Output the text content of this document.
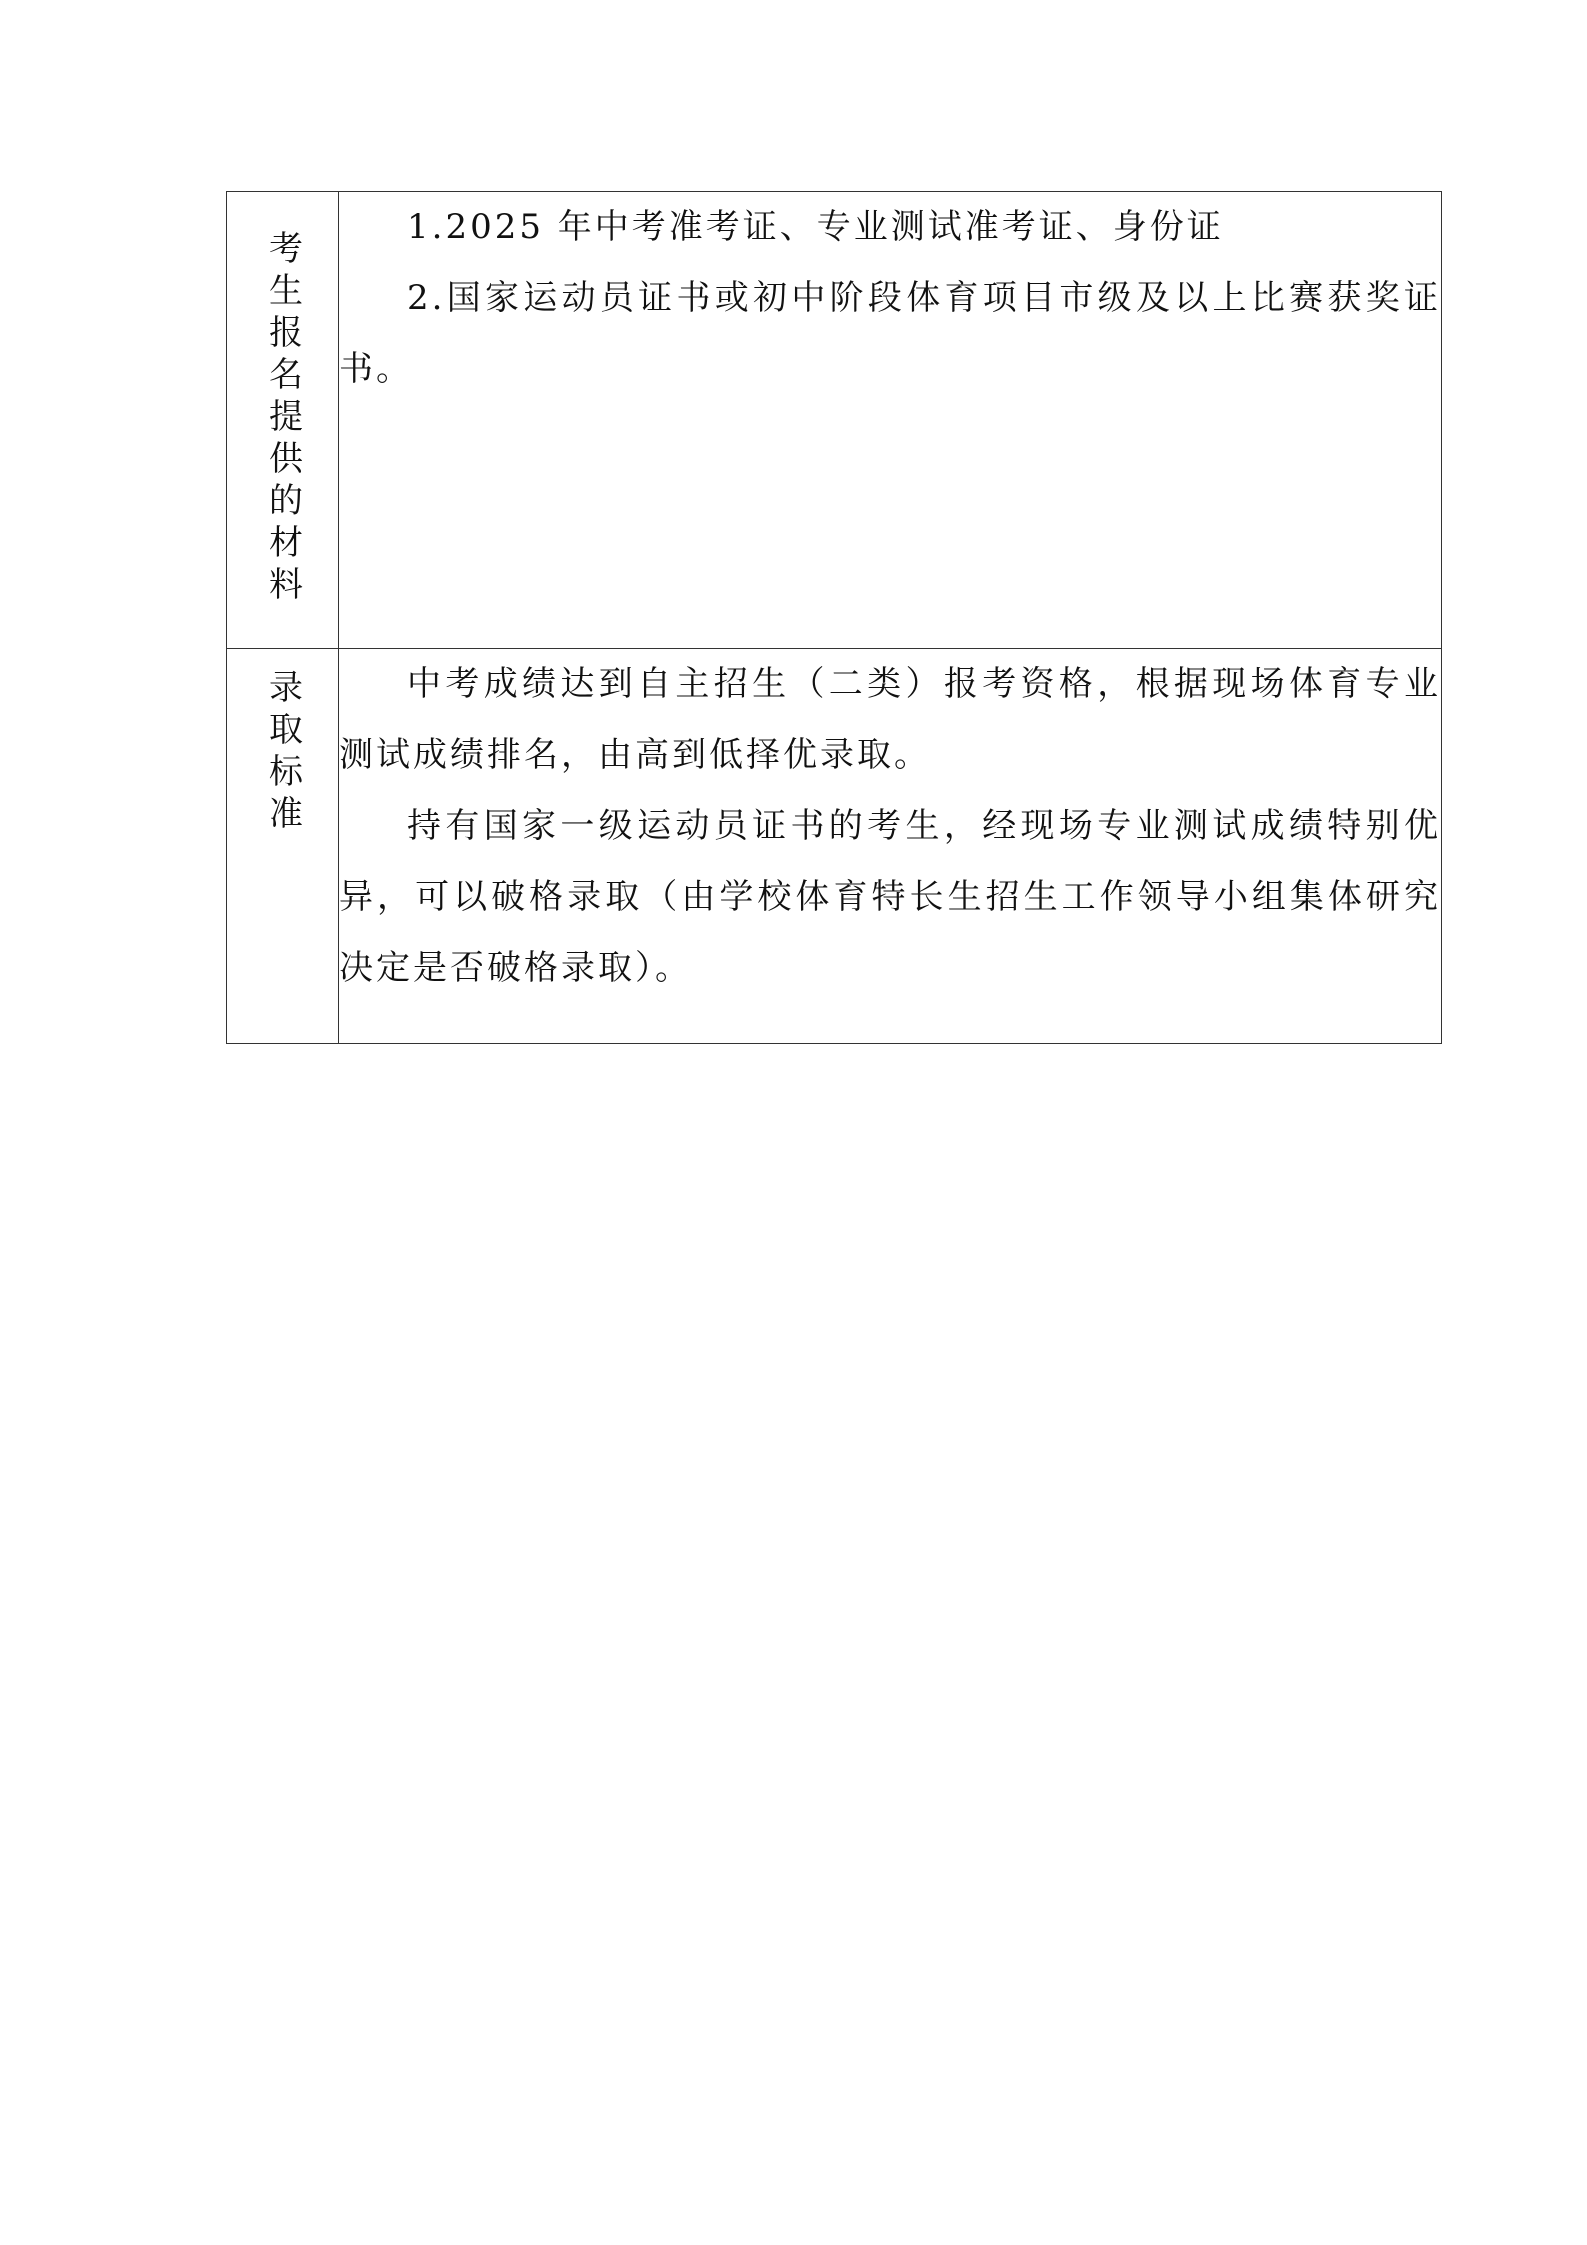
考生报名提供的材料	1.2025 年中考准考证、专业测试准考证、身份证

2.国家运动员证书或初中阶段体育项目市级及以上比赛获奖证书。

录取标准	中考成绩达到自主招生（二类）报考资格，根据现场体育专业测试成绩排名，由高到低择优录取。

持有国家一级运动员证书的考生，经现场专业测试成绩特别优异，可以破格录取（由学校体育特长生招生工作领导小组集体研究决定是否破格录取）。
